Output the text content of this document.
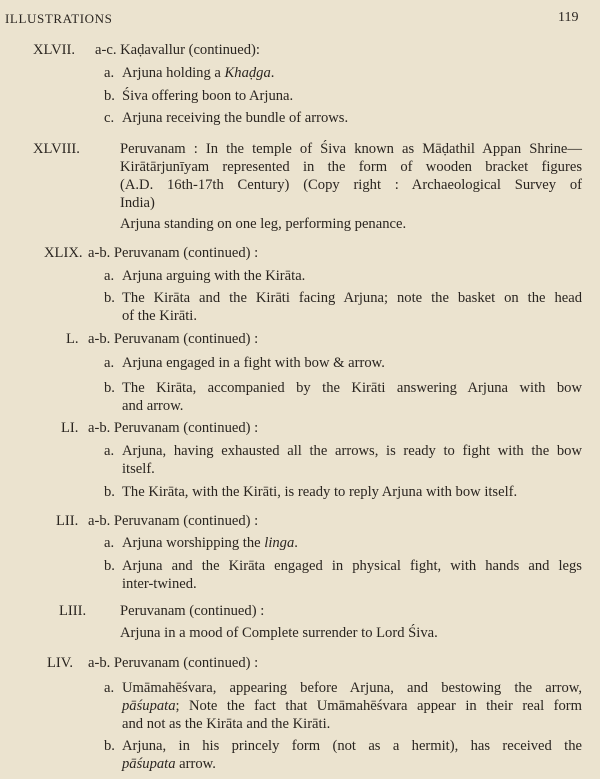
ILLUSTRATIONS	119
XLVII. a-c. Kaḍavallur (continued):
a. Arjuna holding a Khaḍga.
b. Śiva offering boon to Arjuna.
c. Arjuna receiving the bundle of arrows.
XLVIII.	Peruvanam : In the temple of Śiva known as Māḍathil Appan Shrine—
Kirātārjunīyam represented in the form of wooden bracket figures
(A.D. 16th-17th Century) (Copy right : Archaeological Survey of
India)
Arjuna standing on one leg, performing penance.
XLIX. a-b. Peruvanam (continued) :
a. Arjuna arguing with the Kirāta.
b. The Kirāta and the Kirāti facing Arjuna; note the basket on the head
of the Kirāti.
L. a-b. Peruvanam (continued) :
a. Arjuna engaged in a fight with bow & arrow.
b. The Kirāta, accompanied by the Kirāti answering Arjuna with bow
and arrow.
LI. a-b. Peruvanam (continued) :
a. Arjuna, having exhausted all the arrows, is ready to fight with the bow
itself.
b. The Kirāta, with the Kirāti, is ready to reply Arjuna with bow itself.
LII. a-b. Peruvanam (continued) :
a. Arjuna worshipping the linga.
b. Arjuna and the Kirāta engaged in physical fight, with hands and legs
inter-twined.
LIII. Peruvanam (continued) :
Arjuna in a mood of Complete surrender to Lord Śiva.
LIV. a-b. Peruvanam (continued) :
a. Umāmahēśvara, appearing before Arjuna, and bestowing the arrow,
pāśupata; Note the fact that Umāmahēśvara appear in their real form
and not as the Kirāta and the Kirāti.
b. Arjuna, in his princely form (not as a hermit), has received the
pāśupata arrow.
